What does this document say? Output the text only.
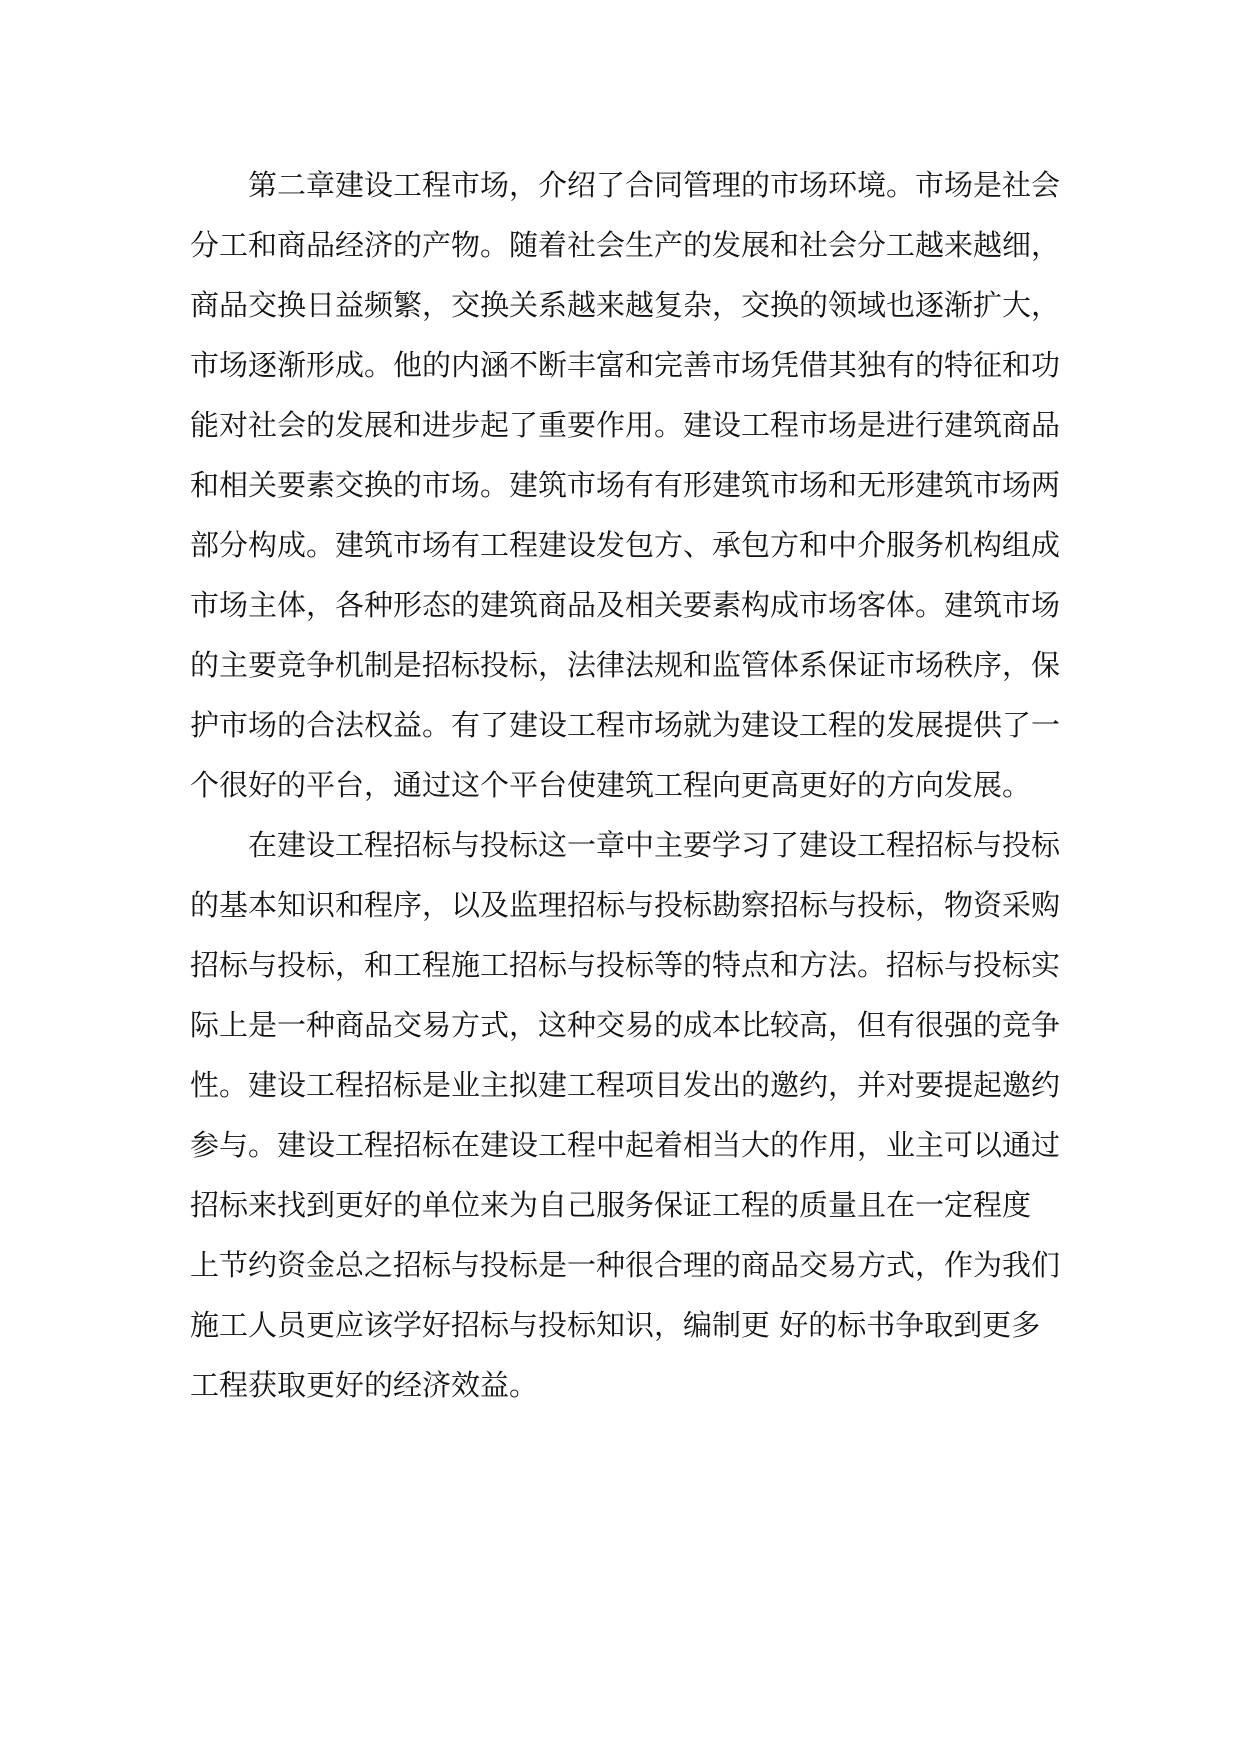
　　第二章建设工程市场，介绍了合同管理的市场环境。市场是社会
分工和商品经济的产物。随着社会生产的发展和社会分工越来越细，
商品交换日益频繁，交换关系越来越复杂，交换的领域也逐渐扩大，
市场逐渐形成。他的内涵不断丰富和完善市场凭借其独有的特征和功
能对社会的发展和进步起了重要作用。建设工程市场是进行建筑商品
和相关要素交换的市场。建筑市场有有形建筑市场和无形建筑市场两
部分构成。建筑市场有工程建设发包方、承包方和中介服务机构组成
市场主体，各种形态的建筑商品及相关要素构成市场客体。建筑市场
的主要竞争机制是招标投标，法律法规和监管体系保证市场秩序，保
护市场的合法权益。有了建设工程市场就为建设工程的发展提供了一
个很好的平台，通过这个平台使建筑工程向更高更好的方向发展。
　　在建设工程招标与投标这一章中主要学习了建设工程招标与投标
的基本知识和程序，以及监理招标与投标勘察招标与投标，物资采购
招标与投标，和工程施工招标与投标等的特点和方法。招标与投标实
际上是一种商品交易方式，这种交易的成本比较高，但有很强的竞争
性。建设工程招标是业主拟建工程项目发出的邀约，并对要提起邀约
参与。建设工程招标在建设工程中起着相当大的作用，业主可以通过
招标来找到更好的单位来为自己服务保证工程的质量且在一定程度
上节约资金总之招标与投标是一种很合理的商品交易方式，作为我们
施工人员更应该学好招标与投标知识，编制更 好的标书争取到更多
工程获取更好的经济效益。
